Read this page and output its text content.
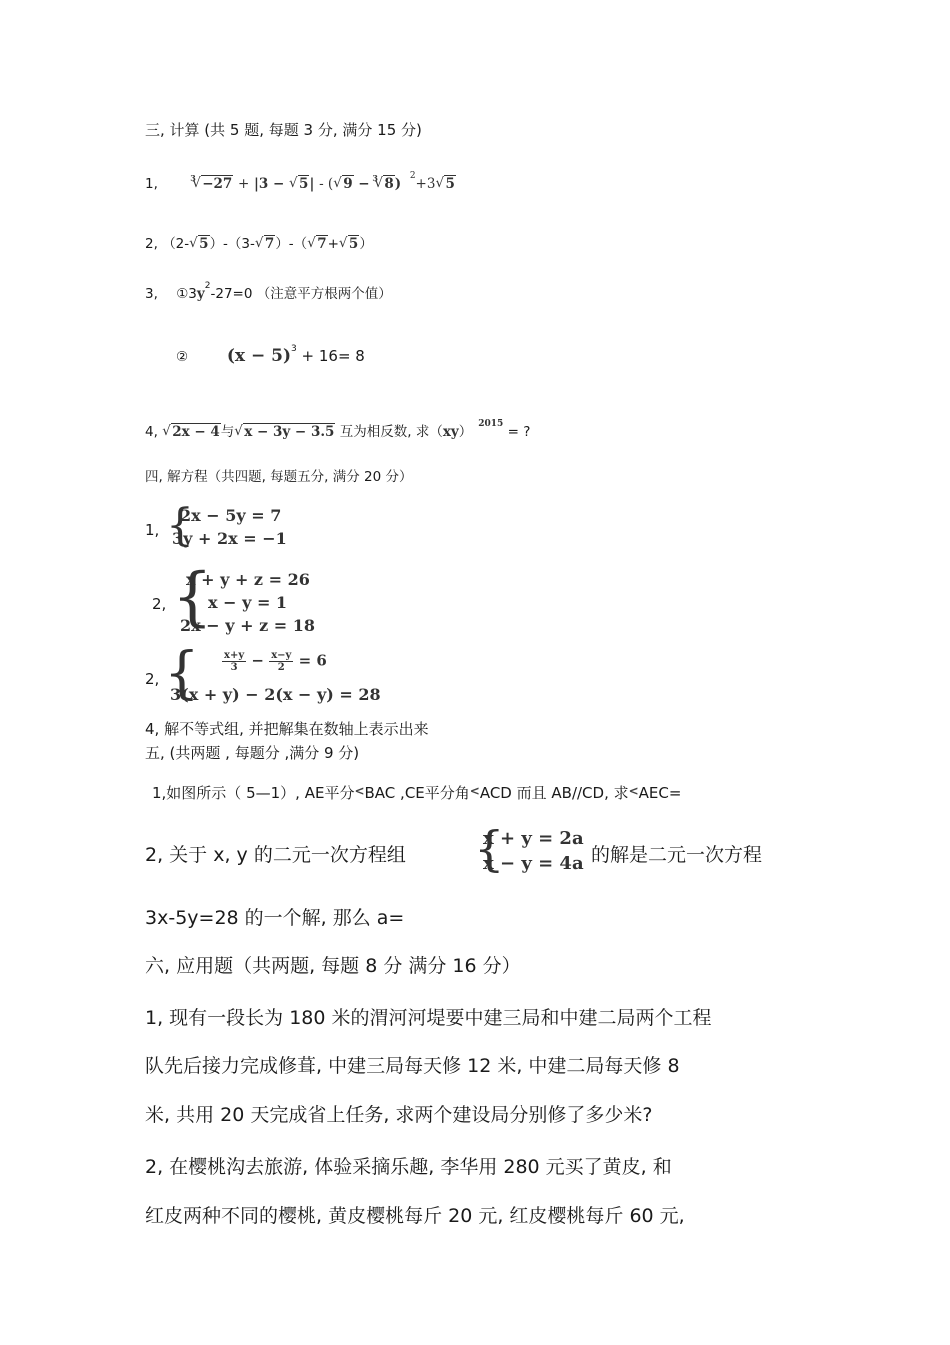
三, 计算 (共 5 题, 每题 3 分, 满分 15 分)
1,	√ 3 −27 + |3 − √ 5| - ( √ 9 −
√ 3 8) $^2$+3 √ 5
2, （2- √ 5）-（3- √ 7）-（ √ 7+ √ 5）
3, $①3y^2-27=0$ （注意平方根两个值）
② $(x - 5)^3 + 16= 8$
4, √ 2x − 4与 √ x − 3y − 3.5 互为相反数, 求（xy） $^{2015}$ = ?
四, 解方程（共四题, 每题五分, 满分 20 分）
1, {
2x − 5y = 7
3y + 2x = −1
2, {
x + y + z = 26
x − y = 1
2x − y + z = 18
2, { $\frac{x+y}{3} - \frac{x-y}{2} = 6$
3(x + y) − 2(x − y) = 28
4, 解不等式组, 并把解集在数轴上表示出来
五, (共两题 , 每题分 ,满分 9 分)
1,如图所示（ 5—1）, AE平分<BAC ,CE平分角<ACD 而且 AB//CD, 求<AEC=
2, 关于 x, y 的二元一次方程组 {
x + y = 2a
x − y = 4a 的解是二元一次方程
3x-5y=28 的一个解, 那么 a=
六, 应用题（共两题, 每题 8 分 满分 16 分）
1, 现有一段长为 180 米的渭河河堤要中建三局和中建二局两个工程
队先后接力完成修葺, 中建三局每天修 12 米, 中建二局每天修 8
米, 共用 20 天完成省上任务, 求两个建设局分别修了多少米?
2, 在樱桃沟去旅游, 体验采摘乐趣, 李华用 280 元买了黄皮, 和
红皮两种不同的樱桃, 黄皮樱桃每斤 20 元, 红皮樱桃每斤 60 元,
